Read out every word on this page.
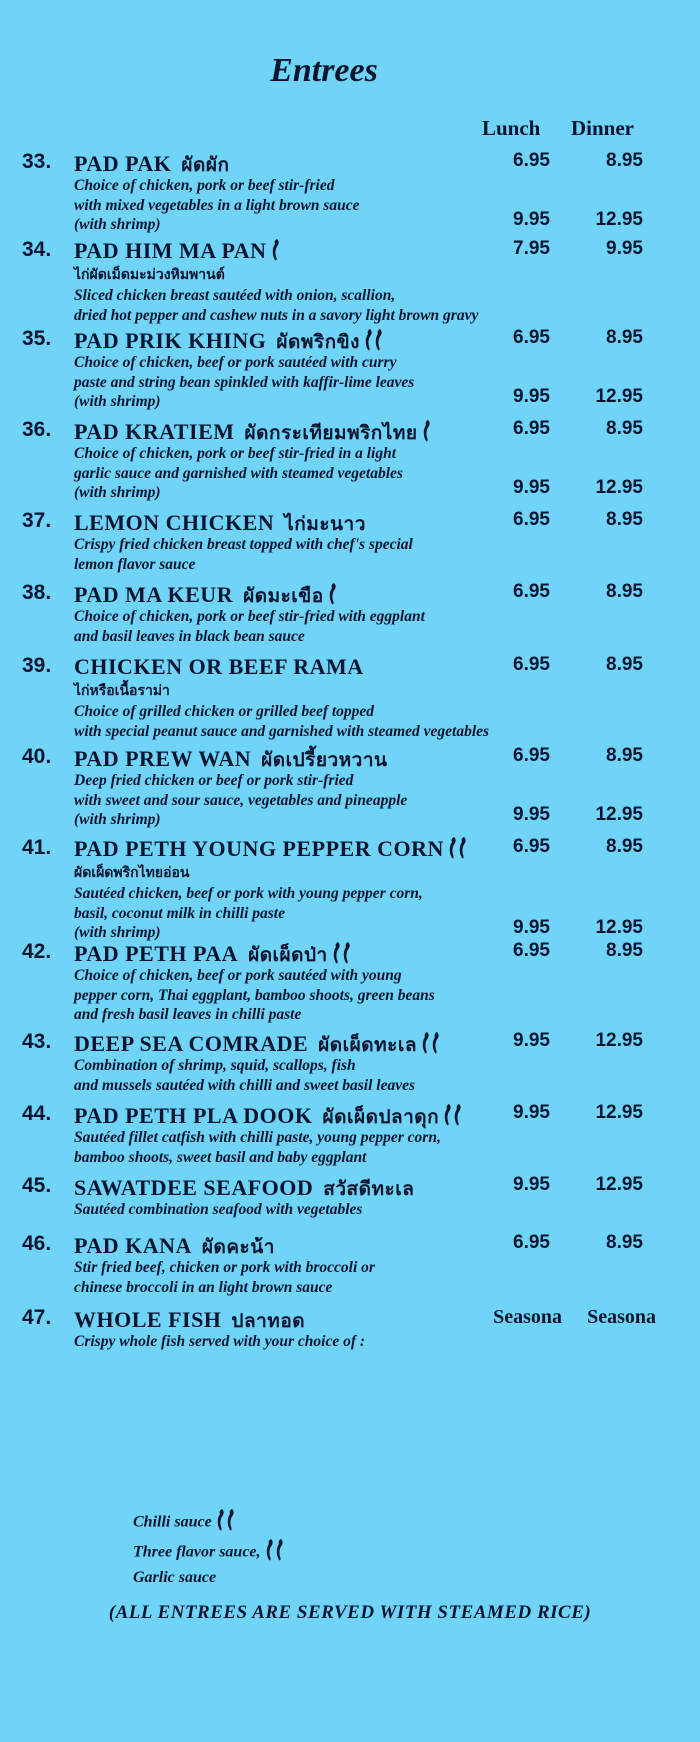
Entrees
Lunch Dinner
33. PAD PAK ผัดผัก
Choice of chicken, pork or beef stir-fried
with mixed vegetables in a light brown sauce
(with shrimp)
6.95	8.95
9.95	12.95
34. PAD HIM MA PAN
ไก่ผัดเม็ดมะม่วงหิมพานต์
Sliced chicken breast sautéed with onion, scallion,
dried hot pepper and cashew nuts in a savory light brown gravy
7.95	9.95
35. PAD PRIK KHING ผัดพริกขิง
Choice of chicken, beef or pork sautéed with curry
paste and string bean spinkled with kaffir-lime leaves
(with shrimp)
6.95	8.95
9.95	12.95
36. PAD KRATIEM ผัดกระเทียมพริกไทย
Choice of chicken, pork or beef stir-fried in a light
garlic sauce and garnished with steamed vegetables
(with shrimp)
6.95	8.95
9.95	12.95
37. LEMON CHICKEN ไก่มะนาว
Crispy fried chicken breast topped with chef's special
lemon flavor sauce
6.95	8.95
38. PAD MA KEUR ผัดมะเขือ
Choice of chicken, pork or beef stir-fried with eggplant
and basil leaves in black bean sauce
6.95	8.95
39. CHICKEN OR BEEF RAMA
ไก่หรือเนื้อราม่า
Choice of grilled chicken or grilled beef topped
with special peanut sauce and garnished with steamed vegetables
6.95	8.95
40. PAD PREW WAN ผัดเปรี้ยวหวาน
Deep fried chicken or beef or pork stir-fried
with sweet and sour sauce, vegetables and pineapple
(with shrimp)
6.95	8.95
9.95	12.95
41. PAD PETH YOUNG PEPPER CORN
ผัดเผ็ดพริกไทยอ่อน
Sautéed chicken, beef or pork with young pepper corn,
basil, coconut milk in chilli paste
(with shrimp)
6.95	8.95
9.95	12.95
42. PAD PETH PAA ผัดเผ็ดป่า
Choice of chicken, beef or pork sautéed with young
pepper corn, Thai eggplant, bamboo shoots, green beans
and fresh basil leaves in chilli paste
6.95	8.95
43. DEEP SEA COMRADE ผัดเผ็ดทะเล
Combination of shrimp, squid, scallops, fish
and mussels sautéed with chilli and sweet basil leaves
9.95	12.95
44. PAD PETH PLA DOOK ผัดเผ็ดปลาดุก
Sautéed fillet catfish with chilli paste, young pepper corn,
bamboo shoots, sweet basil and baby eggplant
9.95	12.95
45. SAWATDEE SEAFOOD สวัสดีทะเล
Sautéed combination seafood with vegetables
9.95	12.95
46. PAD KANA ผัดคะน้า
Stir fried beef, chicken or pork with broccoli or
chinese broccoli in an light brown sauce
6.95	8.95
47. WHOLE FISH ปลาทอด
Crispy whole fish served with your choice of :
Seasona	Seasona
Chilli sauce
Three flavor sauce,
Garlic sauce
(ALL ENTREES ARE SERVED WITH STEAMED RICE)
